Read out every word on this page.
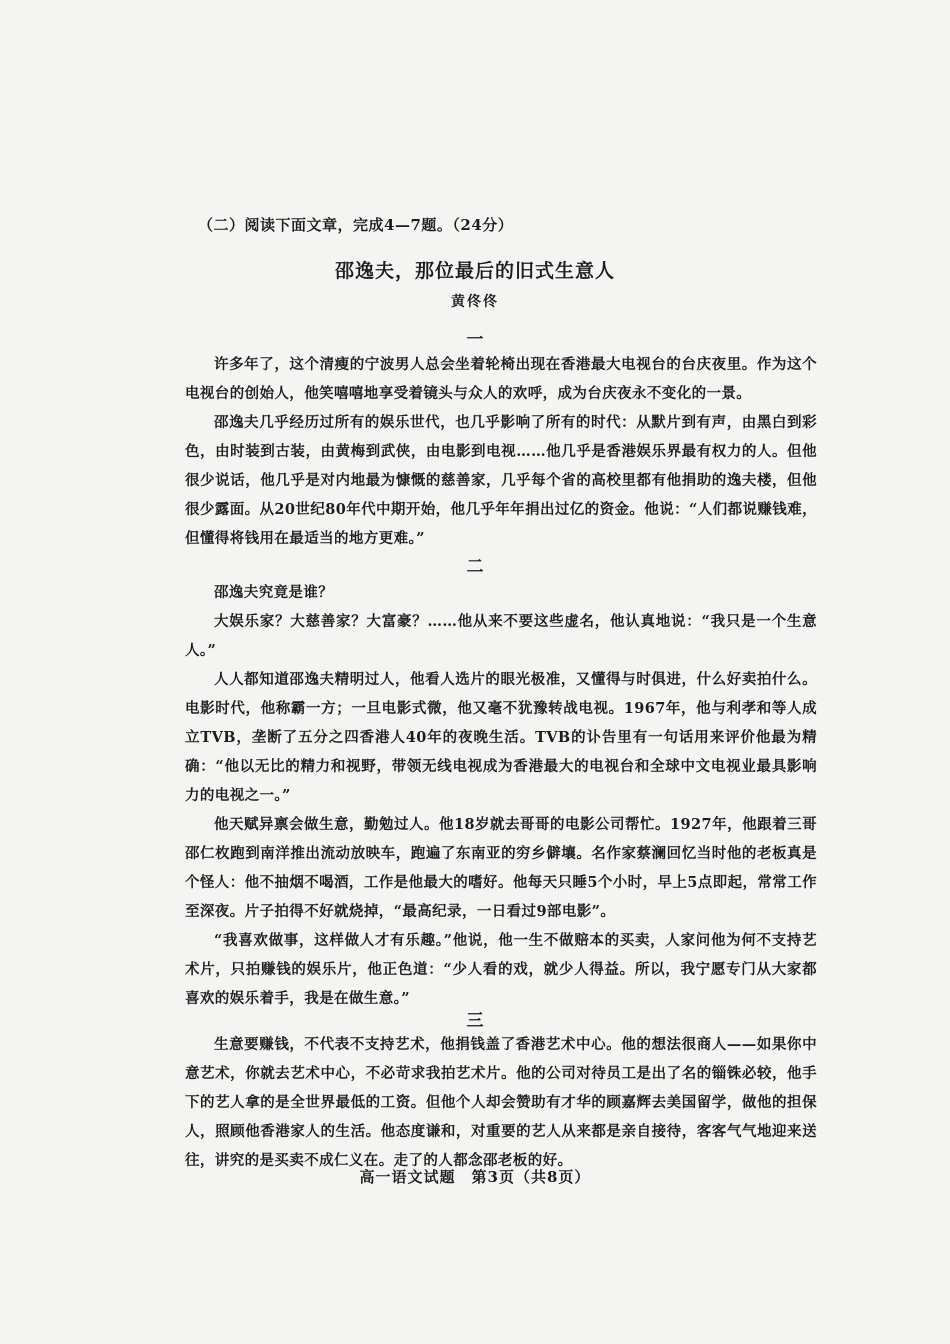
（二）阅读下面文章，完成4—7题。（24分）
邵逸夫，那位最后的旧式生意人
黄佟佟
一
许多年了，这个清瘦的宁波男人总会坐着轮椅出现在香港最大电视台的台庆夜里。作为这个电视台的创始人，他笑嘻嘻地享受着镜头与众人的欢呼，成为台庆夜永不变化的一景。
邵逸夫几乎经历过所有的娱乐世代，也几乎影响了所有的时代：从默片到有声，由黑白到彩色，由时装到古装，由黄梅到武侠，由电影到电视……他几乎是香港娱乐界最有权力的人。但他很少说话，他几乎是对内地最为慷慨的慈善家，几乎每个省的高校里都有他捐助的逸夫楼，但他很少露面。从20世纪80年代中期开始，他几乎年年捐出过亿的资金。他说：“人们都说赚钱难，但懂得将钱用在最适当的地方更难。”
二
邵逸夫究竟是谁？
大娱乐家？大慈善家？大富豪？……他从来不要这些虚名，他认真地说：“我只是一个生意人。”
人人都知道邵逸夫精明过人，他看人选片的眼光极准，又懂得与时俱进，什么好卖拍什么。电影时代，他称霸一方；一旦电影式微，他又毫不犹豫转战电视。1967年，他与利孝和等人成立TVB，垄断了五分之四香港人40年的夜晚生活。TVB的讣告里有一句话用来评价他最为精确：“他以无比的精力和视野，带领无线电视成为香港最大的电视台和全球中文电视业最具影响力的电视之一。”
他天赋异禀会做生意，勤勉过人。他18岁就去哥哥的电影公司帮忙。1927年，他跟着三哥邵仁枚跑到南洋推出流动放映车，跑遍了东南亚的穷乡僻壤。名作家蔡澜回忆当时他的老板真是个怪人：他不抽烟不喝酒，工作是他最大的嗜好。他每天只睡5个小时，早上5点即起，常常工作至深夜。片子拍得不好就烧掉，“最高纪录，一日看过9部电影”。
“我喜欢做事，这样做人才有乐趣。”他说，他一生不做赔本的买卖，人家问他为何不支持艺术片，只拍赚钱的娱乐片，他正色道：“少人看的戏，就少人得益。所以，我宁愿专门从大家都喜欢的娱乐着手，我是在做生意。”
三
生意要赚钱，不代表不支持艺术，他捐钱盖了香港艺术中心。他的想法很商人——如果你中意艺术，你就去艺术中心，不必苛求我拍艺术片。他的公司对待员工是出了名的锱铢必较，他手下的艺人拿的是全世界最低的工资。但他个人却会赞助有才华的顾嘉辉去美国留学，做他的担保人，照顾他香港家人的生活。他态度谦和，对重要的艺人从来都是亲自接待，客客气气地迎来送往，讲究的是买卖不成仁义在。走了的人都念邵老板的好。
高一语文试题　第3页（共8页）
